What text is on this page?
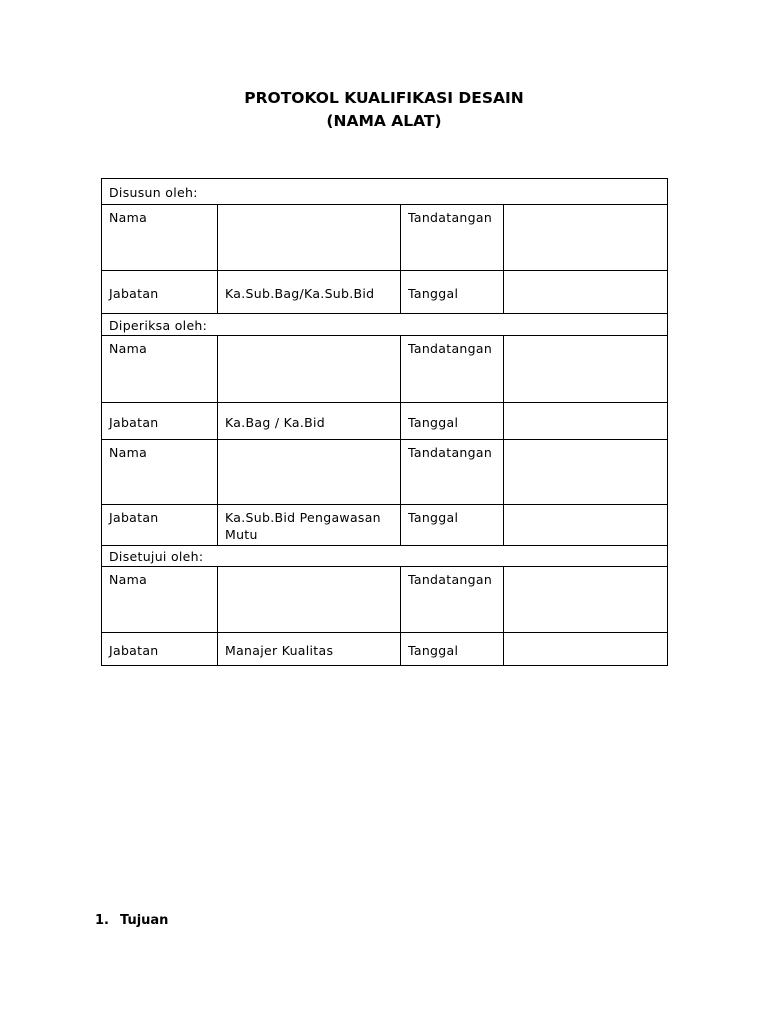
PROTOKOL KUALIFIKASI DESAIN
(NAMA ALAT)
Disusun oleh:			
Nama		Tandatangan	
Jabatan	Ka.Sub.Bag/Ka.Sub.Bid	Tanggal	
Diperiksa oleh:			
Nama		Tandatangan	
Jabatan	Ka.Bag / Ka.Bid	Tanggal	
Nama		Tandatangan	
Jabatan	Ka.Sub.Bid Pengawasan Mutu	Tanggal	
Disetujui oleh:			
Nama		Tandatangan	
Jabatan	Manajer Kualitas	Tanggal	
1. Tujuan
